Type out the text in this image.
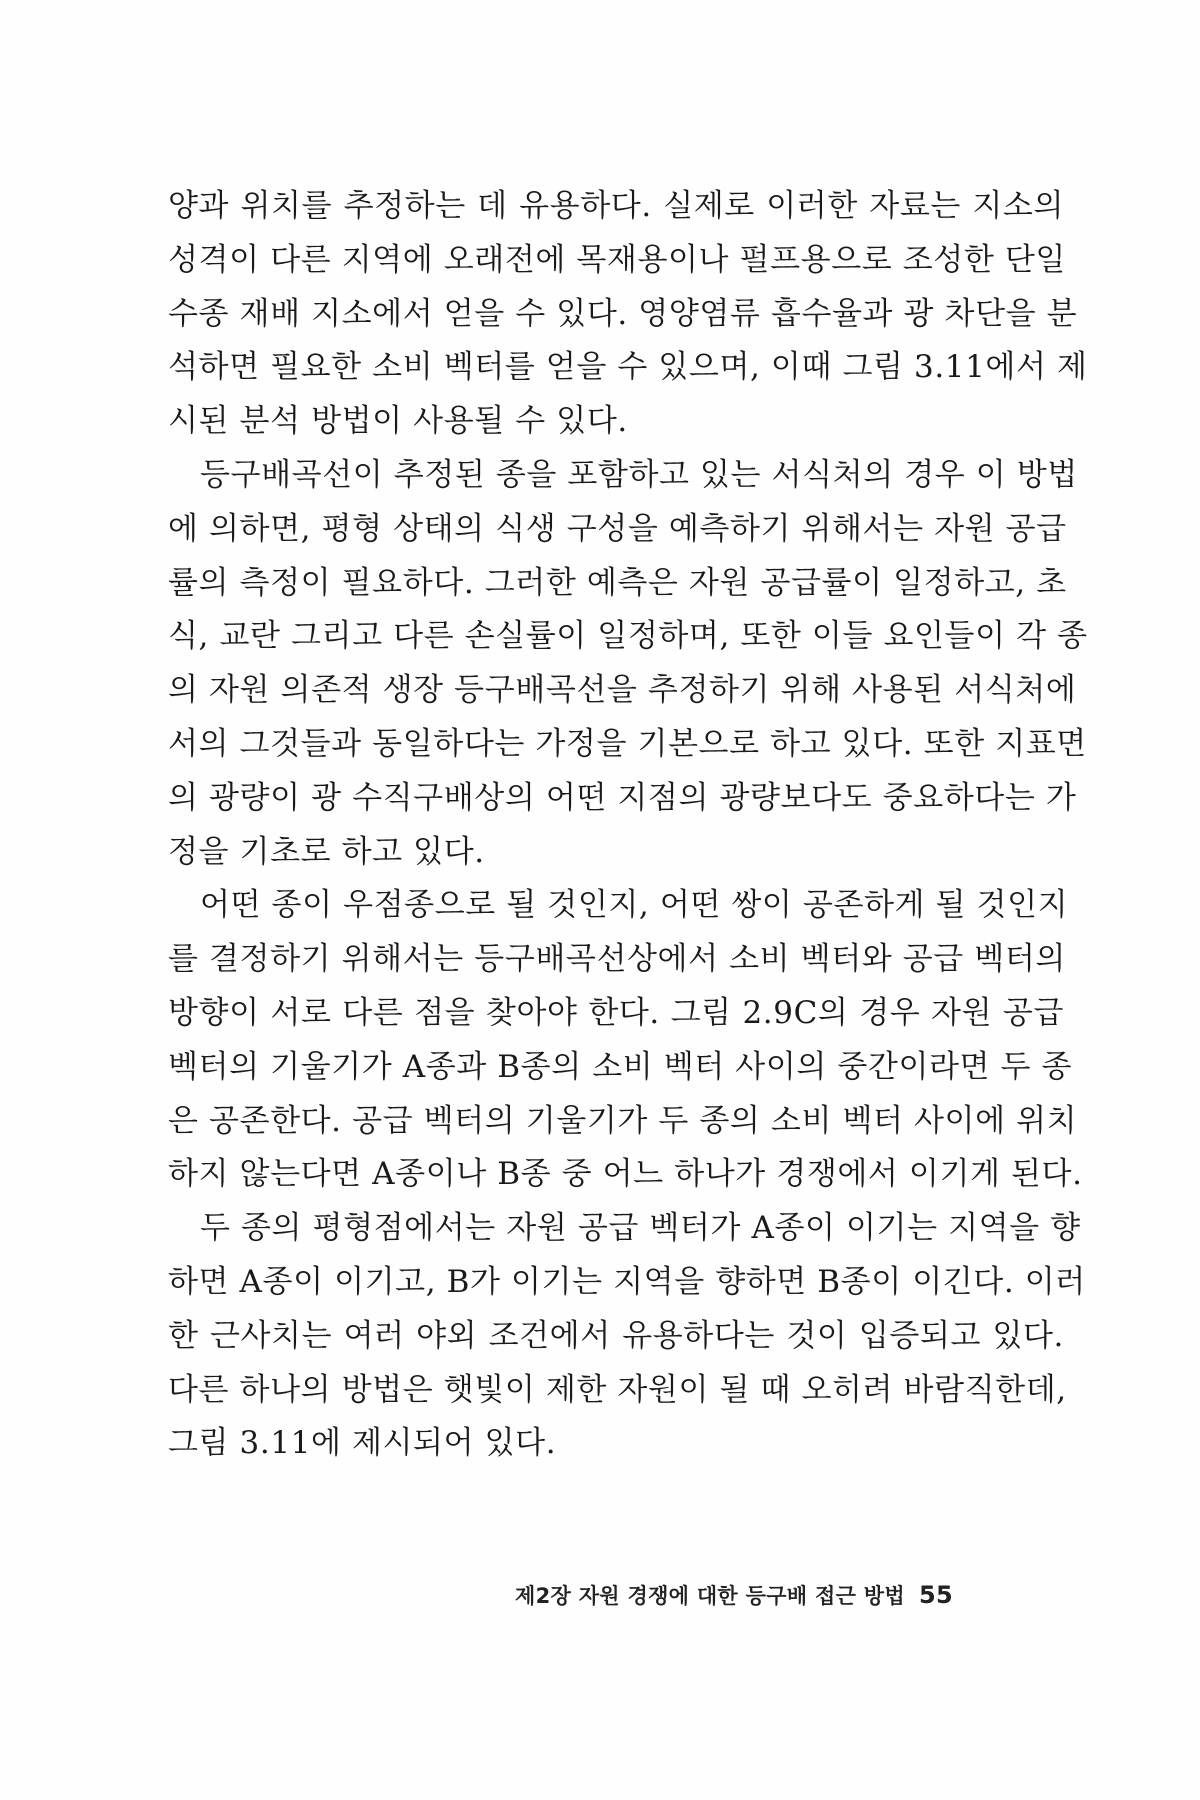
양과 위치를 추정하는 데 유용하다. 실제로 이러한 자료는 지소의
성격이 다른 지역에 오래전에 목재용이나 펄프용으로 조성한 단일
수종 재배 지소에서 얻을 수 있다. 영양염류 흡수율과 광 차단을 분
석하면 필요한 소비 벡터를 얻을 수 있으며, 이때 그림 3.11에서 제
시된 분석 방법이 사용될 수 있다.
등구배곡선이 추정된 종을 포함하고 있는 서식처의 경우 이 방법
에 의하면, 평형 상태의 식생 구성을 예측하기 위해서는 자원 공급
률의 측정이 필요하다. 그러한 예측은 자원 공급률이 일정하고, 초
식, 교란 그리고 다른 손실률이 일정하며, 또한 이들 요인들이 각 종
의 자원 의존적 생장 등구배곡선을 추정하기 위해 사용된 서식처에
서의 그것들과 동일하다는 가정을 기본으로 하고 있다. 또한 지표면
의 광량이 광 수직구배상의 어떤 지점의 광량보다도 중요하다는 가
정을 기초로 하고 있다.
어떤 종이 우점종으로 될 것인지, 어떤 쌍이 공존하게 될 것인지
를 결정하기 위해서는 등구배곡선상에서 소비 벡터와 공급 벡터의
방향이 서로 다른 점을 찾아야 한다. 그림 2.9C의 경우 자원 공급
벡터의 기울기가 A종과 B종의 소비 벡터 사이의 중간이라면 두 종
은 공존한다. 공급 벡터의 기울기가 두 종의 소비 벡터 사이에 위치
하지 않는다면 A종이나 B종 중 어느 하나가 경쟁에서 이기게 된다.
두 종의 평형점에서는 자원 공급 벡터가 A종이 이기는 지역을 향
하면 A종이 이기고, B가 이기는 지역을 향하면 B종이 이긴다. 이러
한 근사치는 여러 야외 조건에서 유용하다는 것이 입증되고 있다.
다른 하나의 방법은 햇빛이 제한 자원이 될 때 오히려 바람직한데,
그림 3.11에 제시되어 있다.
제2장 자원 경쟁에 대한 등구배 접근 방법 55
